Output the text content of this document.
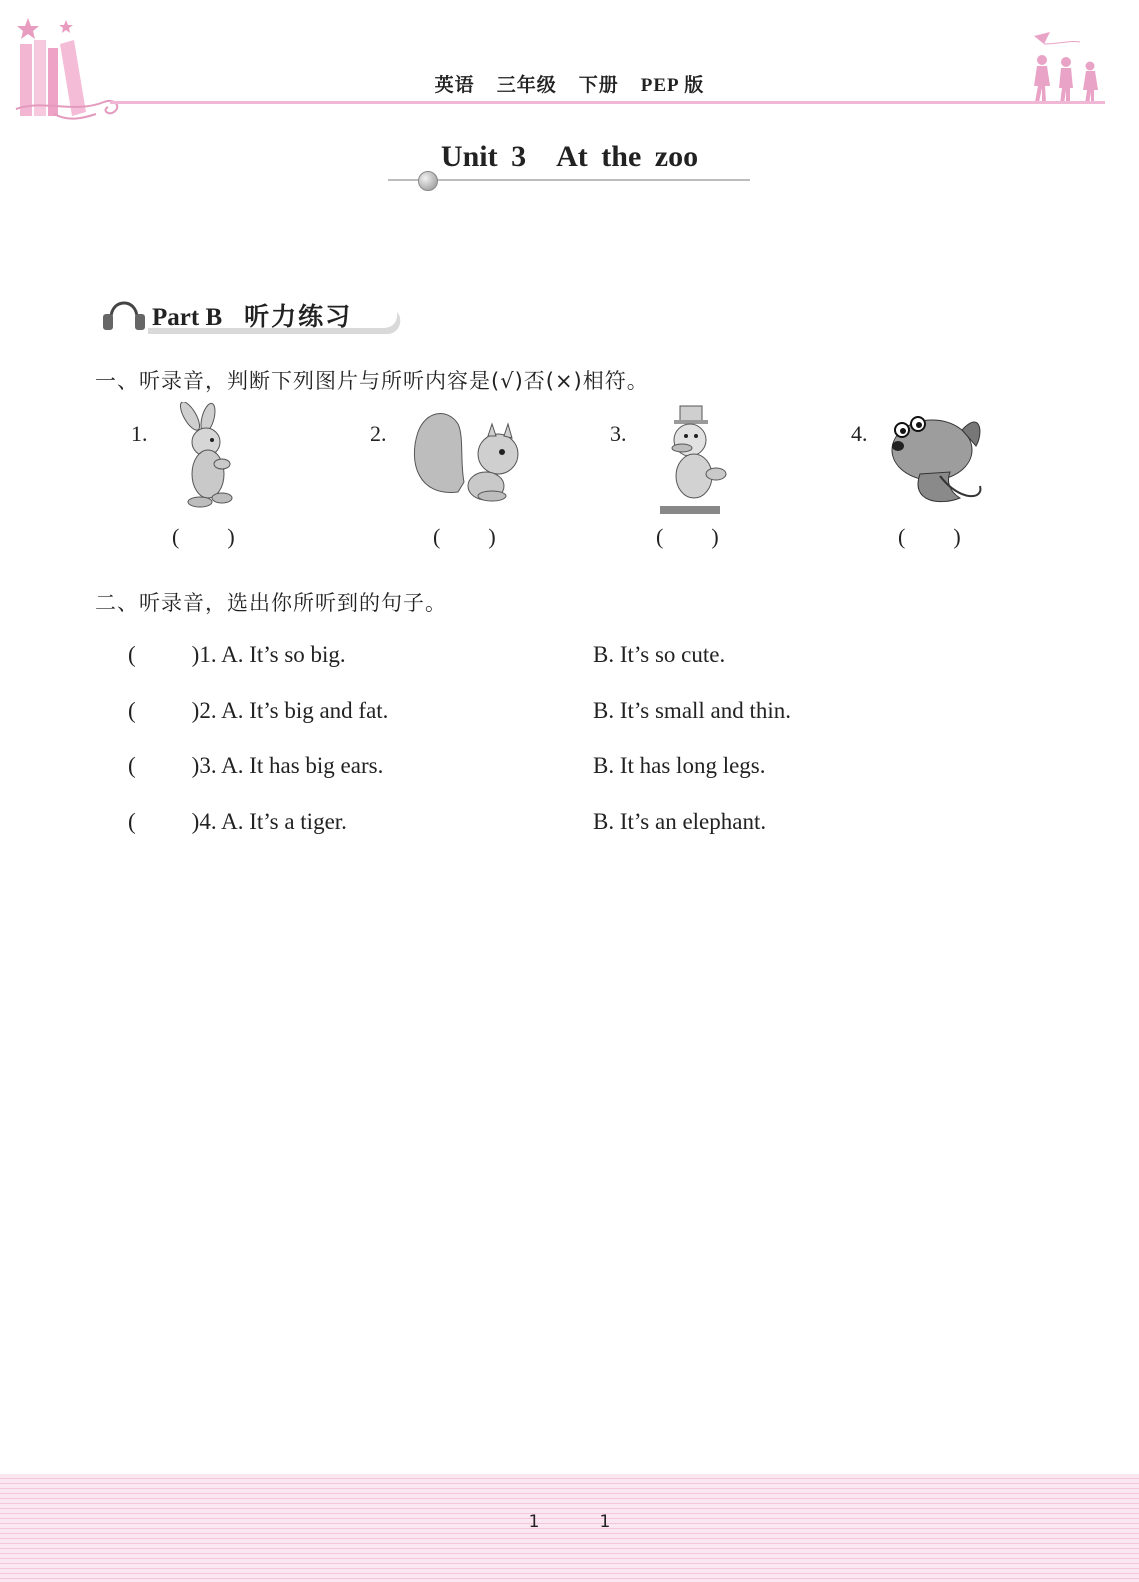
英语 三年级 下册 PEP 版
Unit 3 At the zoo
Part B 听力练习
一、听录音，判断下列图片与所听内容是(√)否(×)相符。
1.
( )
2.
( )
3.
( )
4.
( )
二、听录音，选出你所听到的句子。
( )1. A. It’s so big.	B. It’s so cute.
( )2. A. It’s big and fat.	B. It’s small and thin.
( )3. A. It has big ears.	B. It has long legs.
( )4. A. It’s a tiger.	B. It’s an elephant.
1	1
